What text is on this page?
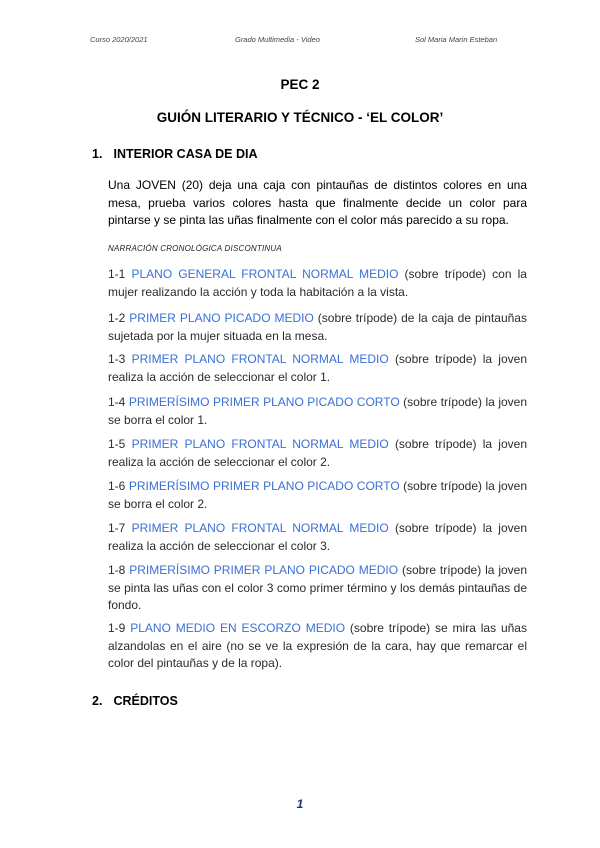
Curso 2020/2021	Grado Multimedia - Video	Sol Maria Marin Esteban
PEC 2
GUIÓN LITERARIO Y TÉCNICO - ‘EL COLOR’
1. INTERIOR CASA DE DIA
Una JOVEN (20) deja una caja con pintauñas de distintos colores en una mesa, prueba varios colores hasta que finalmente decide un color para pintarse y se pinta las uñas finalmente con el color más parecido a su ropa.
NARRACIÓN CRONOLÓGICA DISCONTINUA
1-1 PLANO GENERAL FRONTAL NORMAL MEDIO (sobre trípode) con la mujer realizando la acción y toda la habitación a la vista.
1-2 PRIMER PLANO PICADO MEDIO (sobre trípode) de la caja de pintauñas sujetada por la mujer situada en la mesa.
1-3 PRIMER PLANO FRONTAL NORMAL MEDIO (sobre trípode) la joven realiza la acción de seleccionar el color 1.
1-4 PRIMERÍSIMO PRIMER PLANO PICADO CORTO (sobre trípode) la joven se borra el color 1.
1-5 PRIMER PLANO FRONTAL NORMAL MEDIO (sobre trípode) la joven realiza la acción de seleccionar el color 2.
1-6 PRIMERÍSIMO PRIMER PLANO PICADO CORTO (sobre trípode) la joven se borra el color 2.
1-7 PRIMER PLANO FRONTAL NORMAL MEDIO (sobre trípode) la joven realiza la acción de seleccionar el color 3.
1-8 PRIMERÍSIMO PRIMER PLANO PICADO MEDIO (sobre trípode) la joven se pinta las uñas con el color 3 como primer término y los demás pintauñas de fondo.
1-9 PLANO MEDIO EN ESCORZO MEDIO (sobre trípode) se mira las uñas alzandolas en el aire (no se ve la expresión de la cara, hay que remarcar el color del pintauñas y de la ropa).
2. CRÉDITOS
1
